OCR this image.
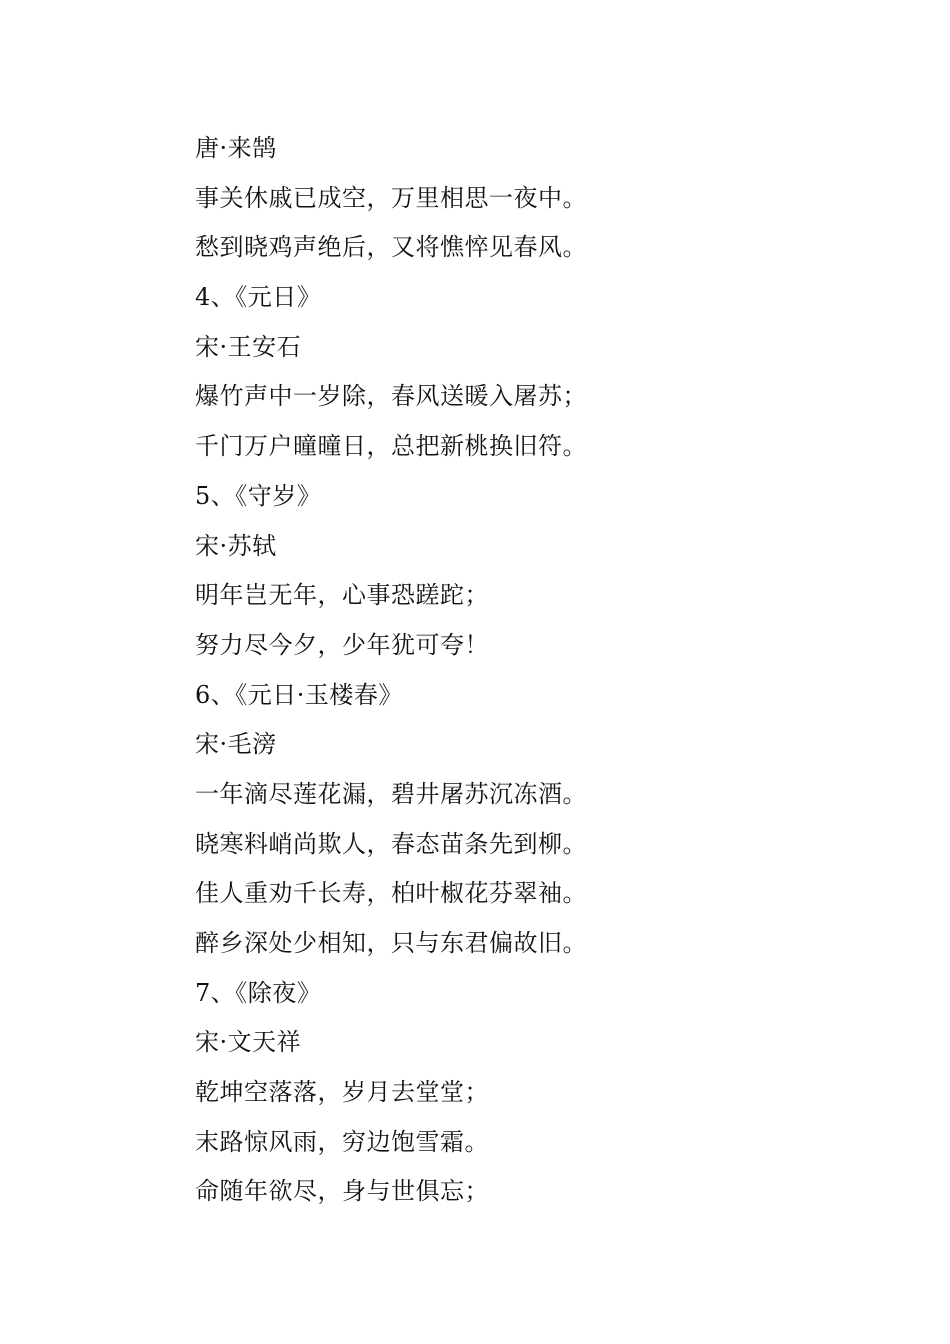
唐·来鹄
事关休戚已成空，万里相思一夜中。
愁到晓鸡声绝后，又将憔悴见春风。
4、《元日》
宋·王安石
爆竹声中一岁除，春风送暖入屠苏；
千门万户曈曈日，总把新桃换旧符。
5、《守岁》
宋·苏轼
明年岂无年，心事恐蹉跎；
努力尽今夕，少年犹可夸！
6、《元日·玉楼春》
宋·毛滂
一年滴尽莲花漏，碧井屠苏沉冻酒。
晓寒料峭尚欺人，春态苗条先到柳。
佳人重劝千长寿，柏叶椒花芬翠袖。
醉乡深处少相知，只与东君偏故旧。
7、《除夜》
宋·文天祥
乾坤空落落，岁月去堂堂；
末路惊风雨，穷边饱雪霜。
命随年欲尽，身与世俱忘；
